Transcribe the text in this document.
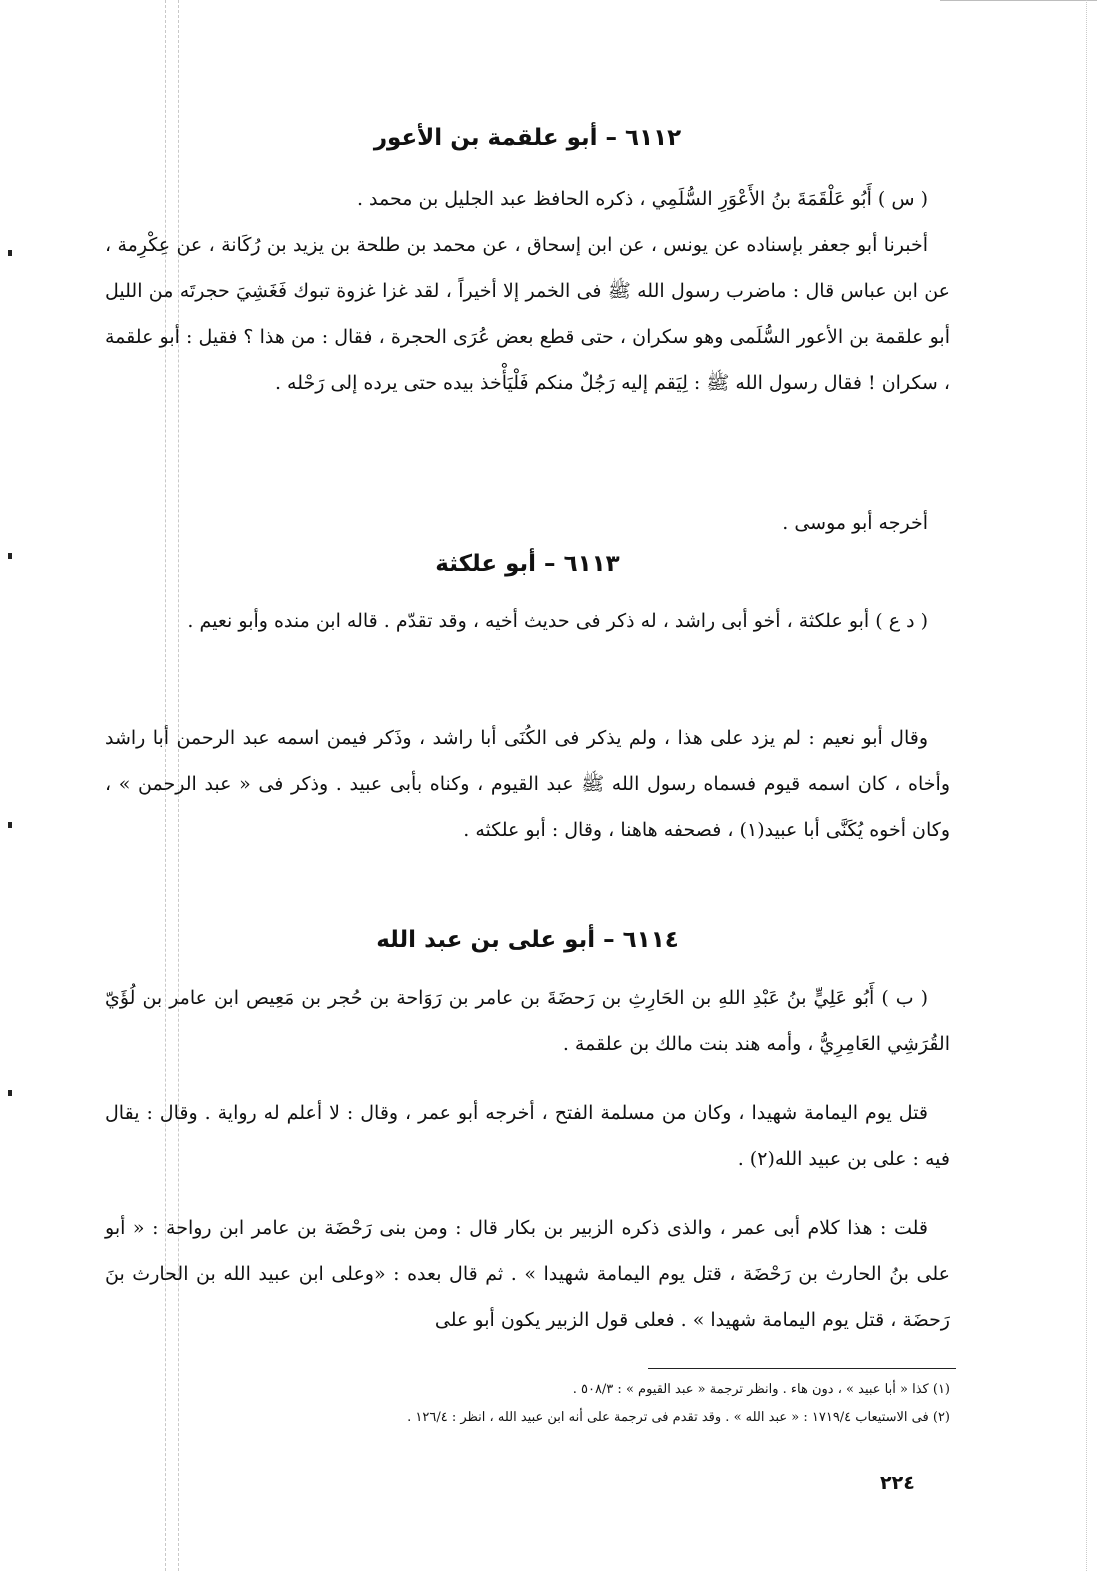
٦١١٢ – أبو علقمة بن الأعور
( س ) أَبُو عَلْقَمَةَ بنُ الأَعْوَرِ السُّلَمِي ، ذكره الحافظ عبد الجليل بن محمد .
أخبرنا أبو جعفر بإسناده عن يونس ، عن ابن إسحاق ، عن محمد بن طلحة بن يزيد بن رُكَانة ، عن عِكْرِمة ، عن ابن عباس قال : ماضرب رسول الله ﷺ فى الخمر إلا أخيراً ، لقد غزا غزوة تبوك فَغَشِيَ حجرتَه من الليل أبو علقمة بن الأعور السُّلَمى وهو سكران ، حتى قطع بعض عُرَى الحجرة ، فقال : من هذا ؟ فقيل : أبو علقمة ، سكران ! فقال رسول الله ﷺ : لِيَقم إليه رَجُلٌ منكم فَلْيَأْخذ بيده حتى يرده إلى رَحْله .
أخرجه أبو موسى .
٦١١٣ – أبو علكثة
( د ع ) أبو علكثة ، أخو أبى راشد ، له ذكر فى حديث أخيه ، وقد تقدّم . قاله ابن منده وأبو نعيم .
وقال أبو نعيم : لم يزد على هذا ، ولم يذكر فى الكُنَى أبا راشد ، وذَكر فيمن اسمه عبد الرحمن أبا راشد وأخاه ، كان اسمه قيوم فسماه رسول الله ﷺ عبد القيوم ، وكناه بأبى عبيد . وذكر فى « عبد الرحمن » ، وكان أخوه يُكَنَّى أبا عبيد(١) ، فصحفه هاهنا ، وقال : أبو علكثه .
٦١١٤ – أبو على بن عبد الله
( ب ) أَبُو عَلِيٍّ بنُ عَبْدِ اللهِ بن الحَارِثِ بن رَحضَةَ بن عامر بن رَوَاحة بن حُجر بن مَعِيص ابن عامر بن لُؤَيّ القُرَشِي العَامِرِيُّ ، وأمه هند بنت مالك بن علقمة .
قتل يوم اليمامة شهيدا ، وكان من مسلمة الفتح ، أخرجه أبو عمر ، وقال : لا أعلم له رواية . وقال : يقال فيه : على بن عبيد الله(٢) .
قلت : هذا كلام أبى عمر ، والذى ذكره الزبير بن بكار قال : ومن بنى رَحْضَة بن عامر ابن رواحة : « أبو على بنُ الحارث بن رَحْضَة ، قتل يوم اليمامة شهيدا » . ثم قال بعده : «وعلى ابن عبيد الله بن الحارث بنَ رَحضَة ، قتل يوم اليمامة شهيدا » . فعلى قول الزبير يكون أبو على
(١) كذا « أبا عبيد » ، دون هاء . وانظر ترجمة « عبد القيوم » : ٥٠٨/٣ .
(٢) فى الاستيعاب ١٧١٩/٤ : « عبد الله » . وقد تقدم فى ترجمة على أنه ابن عبيد الله ، انظر : ١٢٦/٤ .
٢٢٤
